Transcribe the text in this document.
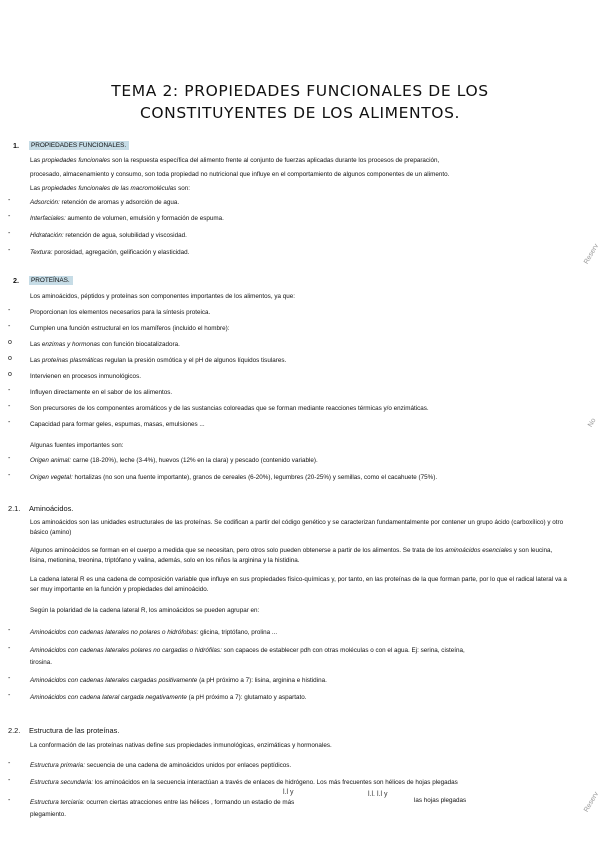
TEMA 2: PROPIEDADES FUNCIONALES DE LOS
CONSTITUYENTES DE LOS ALIMENTOS.
1.	PROPIEDADES FUNCIONALES.
Las propiedades funcionales son la respuesta específica del alimento frente al conjunto de fuerzas aplicadas durante los procesos de preparación,
procesado, almacenamiento y consumo, son toda propiedad no nutricional que influye en el comportamiento de algunos componentes de un alimento.
Las propiedades funcionales de las macromoléculas son:
-	Adsorción: retención de aromas y adsorción de agua.
-	Interfaciales: aumento de volumen, emulsión y formación de espuma.
-	Hidratación: retención de agua, solubilidad y viscosidad.
-	Textura: porosidad, agregación, gelificación y elasticidad.
2.	PROTEÍNAS.
Los aminoácidos, péptidos y proteínas son componentes importantes de los alimentos, ya que:
-	Proporcionan los elementos necesarios para la síntesis proteica.
-	Cumplen una función estructural en los mamíferos (incluido el hombre):
o	Las enzimas y hormonas con función biocatalizadora.
o	Las proteínas plasmáticas regulan la presión osmótica y el pH de algunos líquidos tisulares.
o	Intervienen en procesos inmunológicos.
-	Influyen directamente en el sabor de los alimentos.
-	Son precursores de los componentes aromáticos y de las sustancias coloreadas que se forman mediante reacciones térmicas y/o enzimáticas.
-	Capacidad para formar geles, espumas, masas, emulsiones ...
Algunas fuentes importantes son:
-	Origen animal: carne (18-20%), leche (3-4%), huevos (12% en la clara) y pescado (contenido variable).
-	Origen vegetal: hortalizas (no son una fuente importante), granos de cereales (6-20%), legumbres (20-25%) y semillas, como el cacahuete (75%).
2.1. Aminoácidos.
Los aminoácidos son las unidades estructurales de las proteínas. Se codifican a partir del código genético y se caracterizan fundamentalmente por contener un grupo ácido (carboxílico) y otro básico (amino)
Algunos aminoácidos se forman en el cuerpo a medida que se necesitan, pero otros solo pueden obtenerse a partir de los alimentos. Se trata de los aminoácidos esenciales y son leucina, lisina, metionina, treonina, triptófano y valina, además, solo en los niños la arginina y la histidina.
La cadena lateral R es una cadena de composición variable que influye en sus propiedades físico-químicas y, por tanto, en las proteínas de la que forman parte, por lo que el radical lateral va a ser muy importante en la función y propiedades del aminoácido.
Según la polaridad de la cadena lateral R, los aminoácidos se pueden agrupar en:
-	Aminoácidos con cadenas laterales no polares o hidrófobas: glicina, triptófano, prolina ...
-	Aminoácidos con cadenas laterales polares no cargadas o hidrófilas: son capaces de establecer pdh con otras moléculas o con el agua. Ej: serina, cisteína,
tirosina.
-	Aminoácidos con cadenas laterales cargadas positivamente (a pH próximo a 7): lisina, arginina e histidina.
-	Aminoácidos con cadena lateral cargada negativamente (a pH próximo a 7): glutamato y aspartato.
2.2. Estructura de las proteínas.
La conformación de las proteínas nativas define sus propiedades inmunológicas, enzimáticas y hormonales.
-	Estructura primaria: secuencia de una cadena de aminoácidos unidos por enlaces peptídicos.
-	Estructura secundaria: los aminoácidos en la secuencia interactúan a través de enlaces de hidrógeno. Los más frecuentes son hélices de hojas plegadas
-	Estructura terciaria: ocurren ciertas atracciones entre las hélices , formando un estadio de más	las hojas plegadas
plegamiento.
l.l y	l.l. l.l y
Reserv
No
Reserv
